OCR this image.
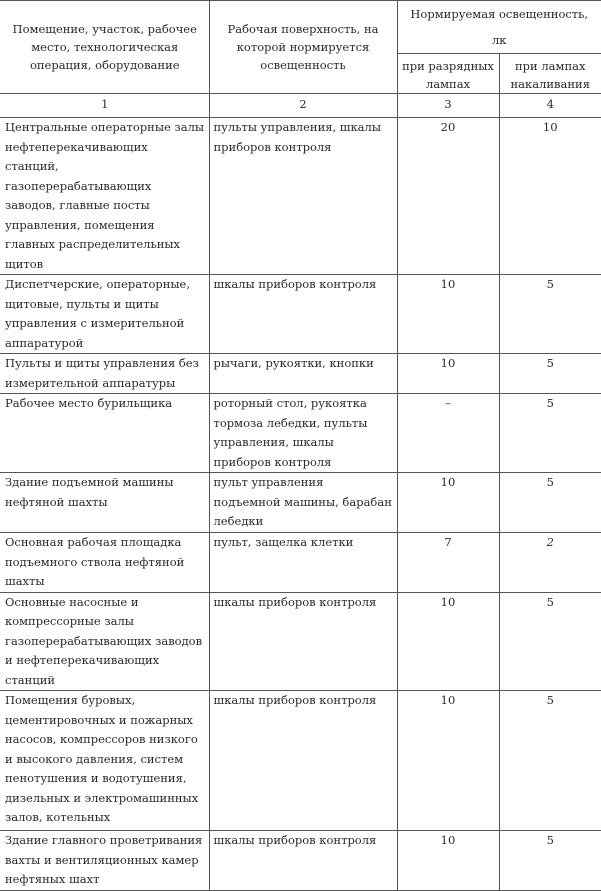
Помещение, участок, рабочее место, технологическая операция, оборудование	Рабочая поверхность, на которой нормируется освещенность	Нормируемая освещенность, лк	
		при разрядных лампах	при лампах накаливания
1	2	3	4
Центральные операторные залы нефтеперекачивающих станций, газоперерабатывающих заводов, главные посты управления, помещения главных распределительных щитов	пульты управления, шкалы приборов контроля	20	10
Диспетчерские, операторные, щитовые, пульты и щиты управления с измерительной аппаратурой	шкалы приборов контроля	10	5
Пульты и щиты управления без измерительной аппаратуры	рычаги, рукоятки, кнопки	10	5
Рабочее место бурильщика	роторный стол, рукоятка тормоза лебедки, пульты управления, шкалы приборов контроля	–	5
Здание подъемной машины нефтяной шахты	пульт управления подъемной машины, барабан лебедки	10	5
Основная рабочая площадка подъемного ствола нефтяной шахты	пульт, защелка клетки	7	2
Основные насосные и компрессорные залы газоперерабатывающих заводов и нефтеперекачивающих станций	шкалы приборов контроля	10	5
Помещения буровых, цементировочных и пожарных насосов, компрессоров низкого и высокого давления, систем пенотушения и водотушения, дизельных и электромашинных залов, котельных	шкалы приборов контроля	10	5
Здание главного проветривания вахты и вентиляционных камер нефтяных шахт	шкалы приборов контроля	10	5
